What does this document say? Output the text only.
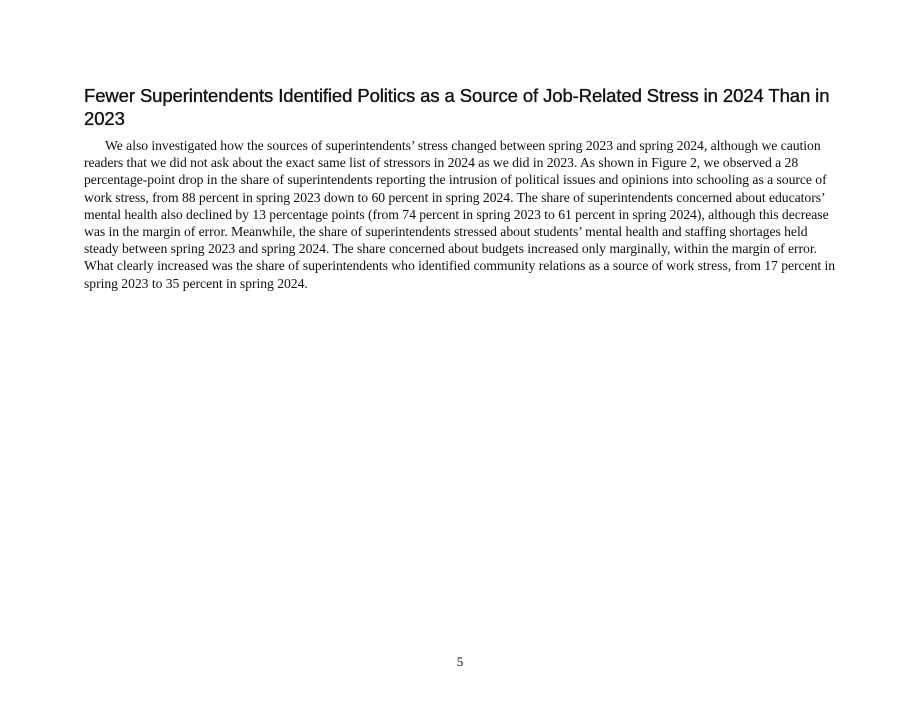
Fewer Superintendents Identified Politics as a Source of Job-Related Stress in 2024 Than in 2023

We also investigated how the sources of superintendents’ stress changed between spring 2023 and spring 2024, although we caution readers that we did not ask about the exact same list of stressors in 2024 as we did in 2023. As shown in Figure 2, we observed a 28 percentage-point drop in the share of superintendents reporting the intrusion of political issues and opinions into schooling as a source of work stress, from 88 percent in spring 2023 down to 60 percent in spring 2024. The share of superintendents concerned about educators’ mental health also declined by 13 percentage points (from 74 percent in spring 2023 to 61 percent in spring 2024), although this decrease was in the margin of error. Meanwhile, the share of superintendents stressed about students’ mental health and staffing shortages held steady between spring 2023 and spring 2024. The share concerned about budgets increased only marginally, within the margin of error. What clearly increased was the share of superintendents who identified community relations as a source of work stress, from 17 percent in spring 2023 to 35 percent in spring 2024.

5
